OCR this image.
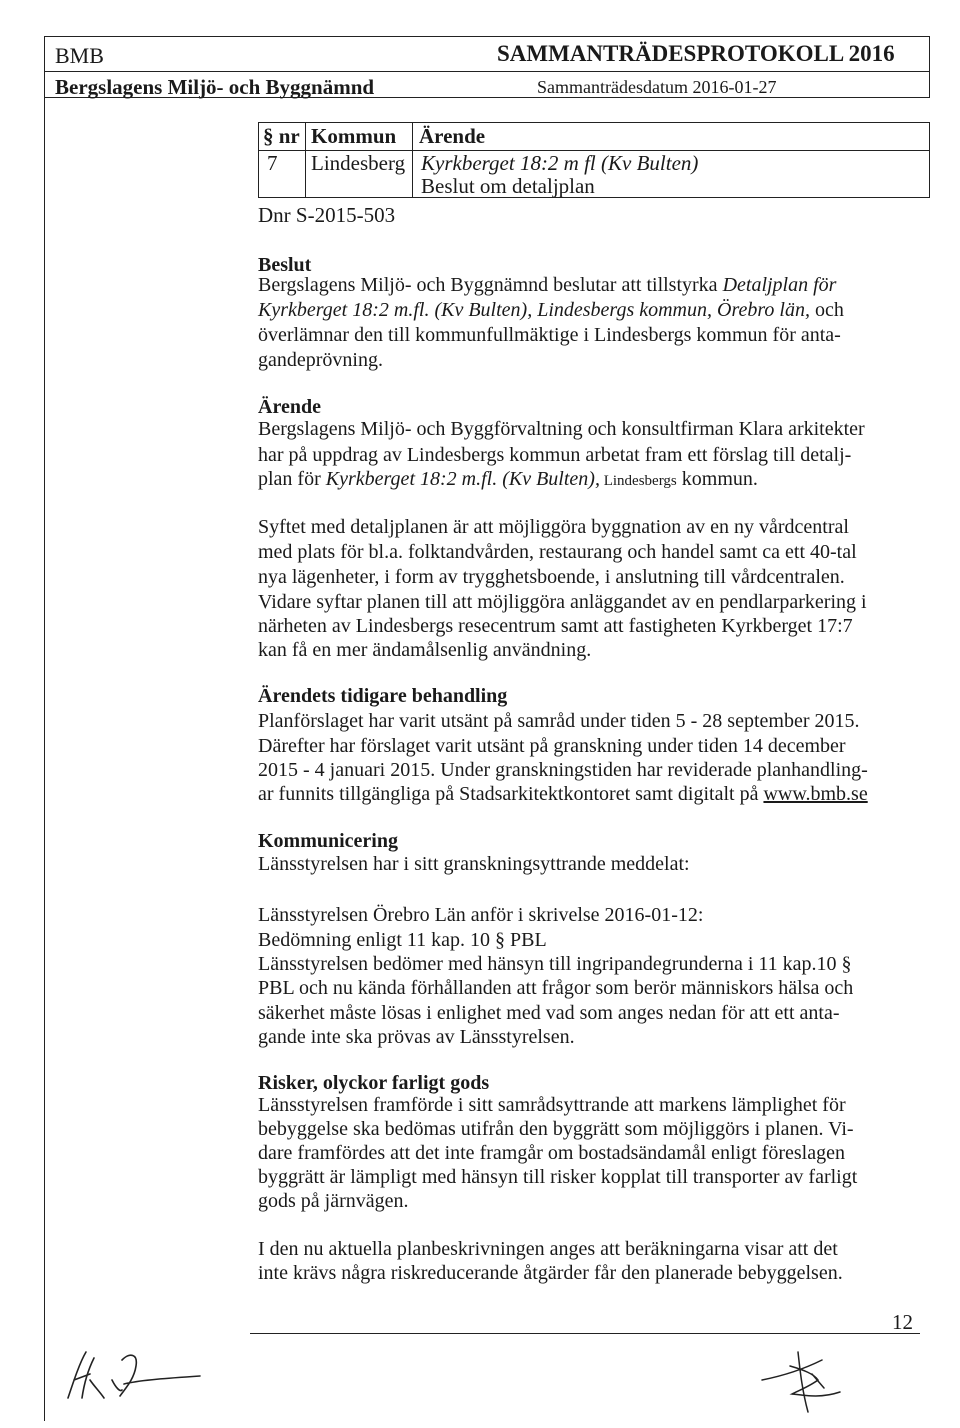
BMB	SAMMANTRÄDESPROTOKOLL 2016
Bergslagens Miljö- och Byggnämnd	Sammanträdesdatum 2016-01-27
§ nr Kommun Ärende
7 Lindesberg Kyrkberget 18:2 m fl (Kv Bulten)
Beslut om detaljplan
Dnr S-2015-503
Beslut
Bergslagens Miljö- och Byggnämnd beslutar att tillstyrka Detaljplan för
Kyrkberget 18:2 m.fl. (Kv Bulten), Lindesbergs kommun, Örebro län, och
överlämnar den till kommunfullmäktige i Lindesbergs kommun för anta-
gandeprövning.
Ärende
Bergslagens Miljö- och Byggförvaltning och konsultfirman Klara arkitekter
har på uppdrag av Lindesbergs kommun arbetat fram ett förslag till detalj-
plan för Kyrkberget 18:2 m.fl. (Kv Bulten), Lindesbergs kommun.
Syftet med detaljplanen är att möjliggöra byggnation av en ny vårdcentral
med plats för bl.a. folktandvården, restaurang och handel samt ca ett 40-tal
nya lägenheter, i form av trygghetsboende, i anslutning till vårdcentralen.
Vidare syftar planen till att möjliggöra anläggandet av en pendlarparkering i
närheten av Lindesbergs resecentrum samt att fastigheten Kyrkberget 17:7
kan få en mer ändamålsenlig användning.
Ärendets tidigare behandling
Planförslaget har varit utsänt på samråd under tiden 5 - 28 september 2015.
Därefter har förslaget varit utsänt på granskning under tiden 14 december
2015 - 4 januari 2015. Under granskningstiden har reviderade planhandling-
ar funnits tillgängliga på Stadsarkitektkontoret samt digitalt på www.bmb.se
Kommunicering
Länsstyrelsen har i sitt granskningsyttrande meddelat:
Länsstyrelsen Örebro Län anför i skrivelse 2016-01-12:
Bedömning enligt 11 kap. 10 § PBL
Länsstyrelsen bedömer med hänsyn till ingripandegrunderna i 11 kap.10 §
PBL och nu kända förhållanden att frågor som berör människors hälsa och
säkerhet måste lösas i enlighet med vad som anges nedan för att ett anta-
gande inte ska prövas av Länsstyrelsen.
Risker, olyckor farligt gods
Länsstyrelsen framförde i sitt samrådsyttrande att markens lämplighet för
bebyggelse ska bedömas utifrån den byggrätt som möjliggörs i planen. Vi-
dare framfördes att det inte framgår om bostadsändamål enligt föreslagen
byggrätt är lämpligt med hänsyn till risker kopplat till transporter av farligt
gods på järnvägen.
I den nu aktuella planbeskrivningen anges att beräkningarna visar att det
inte krävs några riskreducerande åtgärder får den planerade bebyggelsen.
12
